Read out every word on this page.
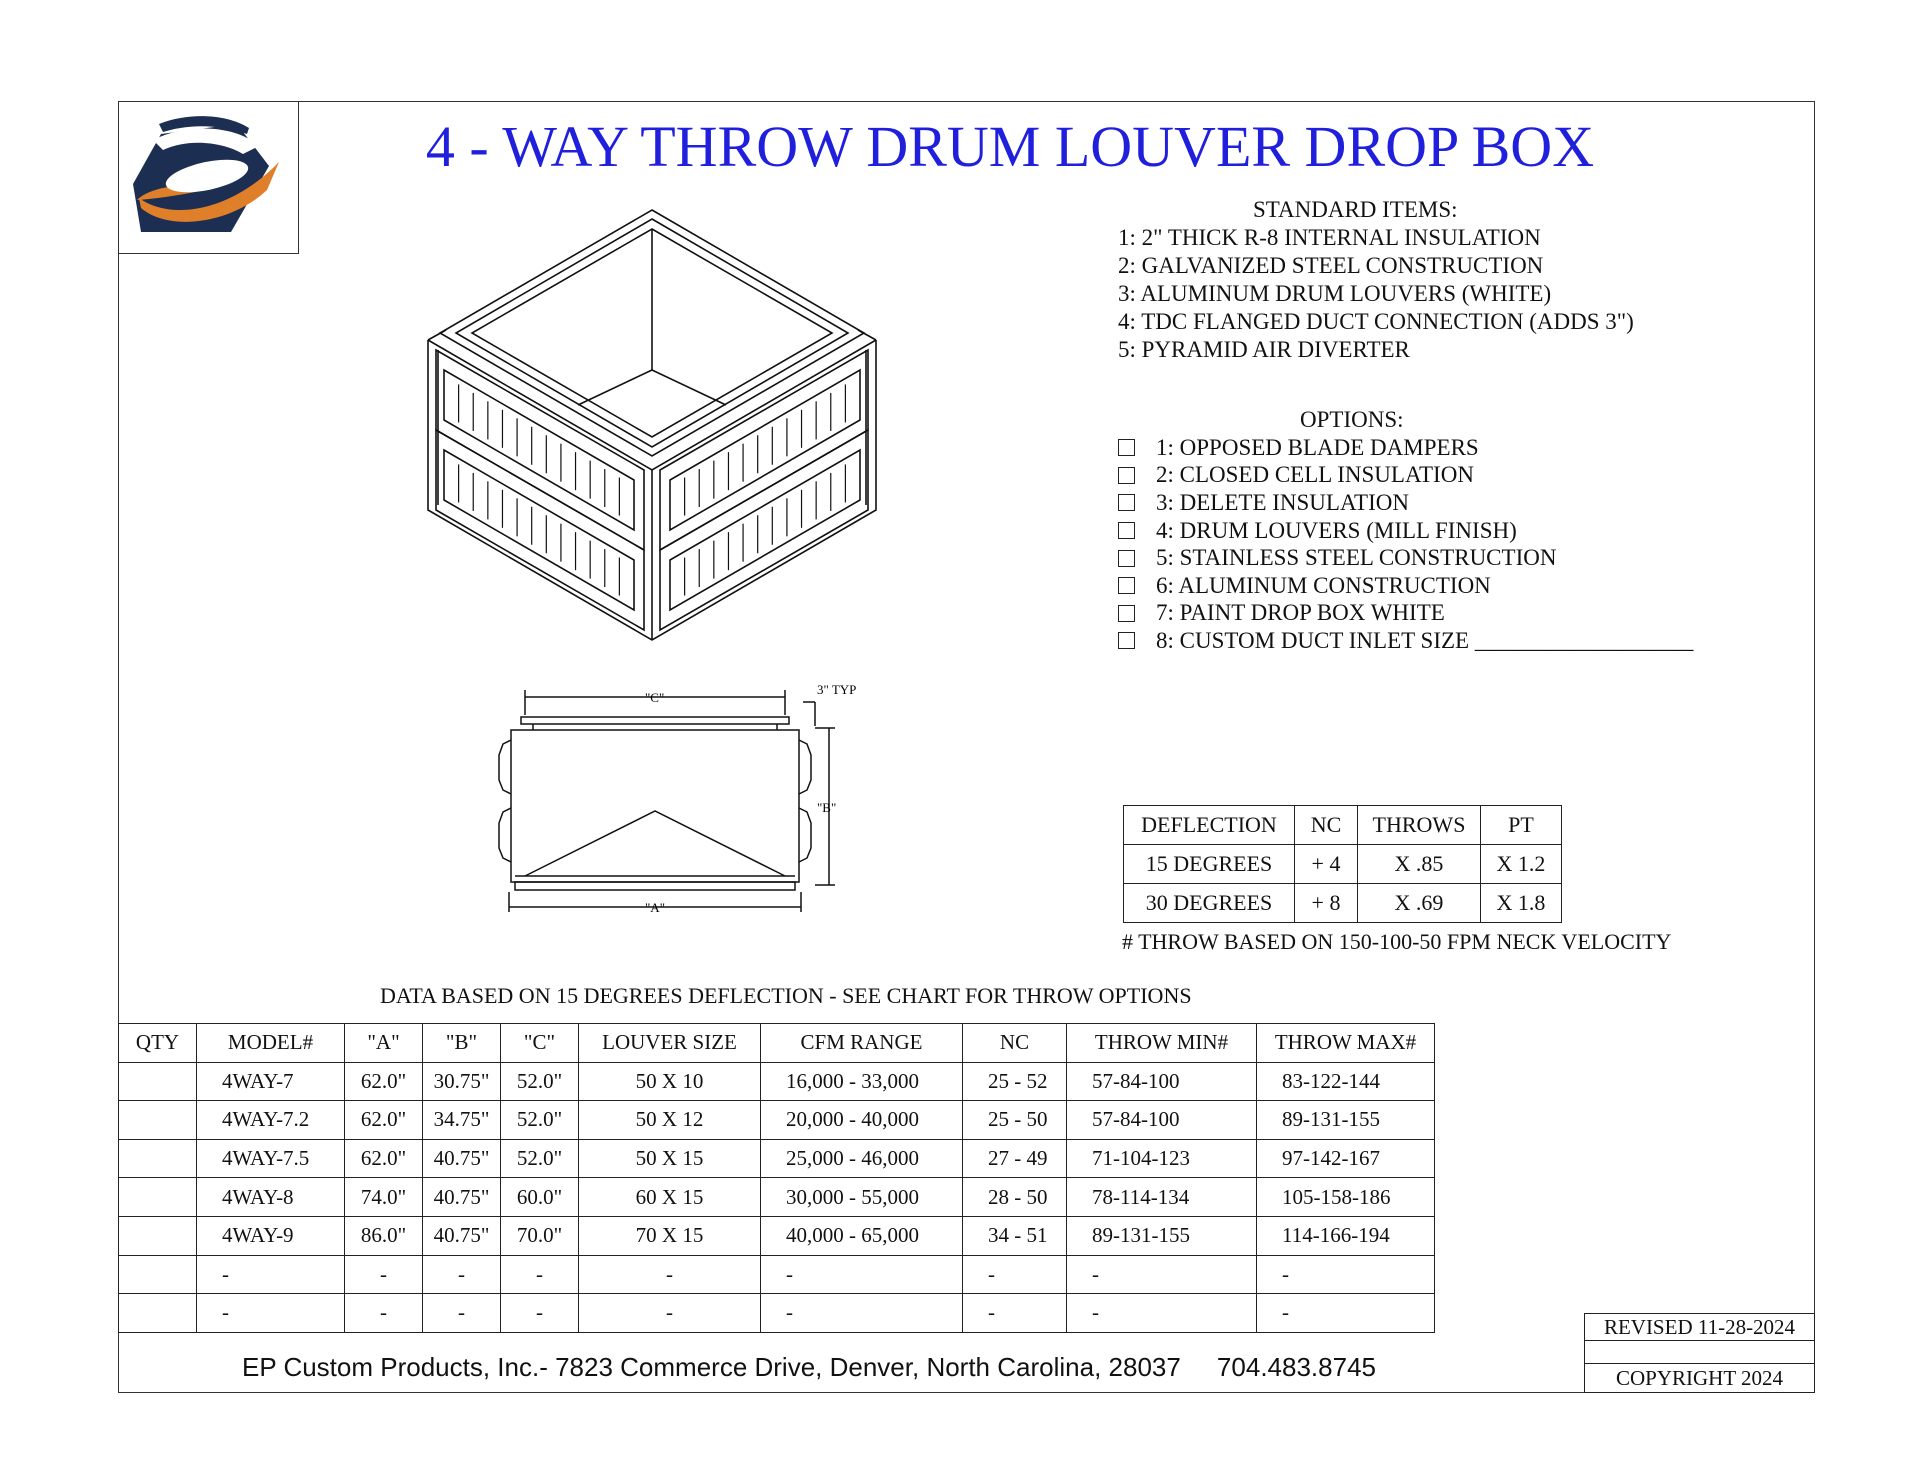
4 - WAY THROW DRUM LOUVER DROP BOX
STANDARD ITEMS:
1: 2" THICK R-8 INTERNAL INSULATION
2: GALVANIZED STEEL CONSTRUCTION
3: ALUMINUM DRUM LOUVERS (WHITE)
4: TDC FLANGED DUCT CONNECTION (ADDS 3")
5: PYRAMID AIR DIVERTER
OPTIONS:
1: OPPOSED BLADE DAMPERS
2: CLOSED CELL INSULATION
3: DELETE INSULATION
4: DRUM LOUVERS (MILL FINISH)
5: STAINLESS STEEL CONSTRUCTION
6: ALUMINUM CONSTRUCTION
7: PAINT DROP BOX WHITE
8: CUSTOM DUCT INLET SIZE ___________________
"C"
3" TYP
"B"
"A"
DEFLECTION	NC	THROWS	PT
15 DEGREES	+ 4	X .85	X 1.2
30 DEGREES	+ 8	X .69	X 1.8
# THROW BASED ON 150-100-50 FPM NECK VELOCITY
DATA BASED ON 15 DEGREES DEFLECTION - SEE CHART FOR THROW OPTIONS
QTY	MODEL#	"A"	"B"	"C"	LOUVER SIZE	CFM RANGE	NC	THROW MIN#	THROW MAX#
	4WAY-7	62.0"	30.75"	52.0"	50 X 10	16,000 - 33,000	25 - 52	57-84-100	83-122-144
	4WAY-7.2	62.0"	34.75"	52.0"	50 X 12	20,000 - 40,000	25 - 50	57-84-100	89-131-155
	4WAY-7.5	62.0"	40.75"	52.0"	50 X 15	25,000 - 46,000	27 - 49	71-104-123	97-142-167
	4WAY-8	74.0"	40.75"	60.0"	60 X 15	30,000 - 55,000	28 - 50	78-114-134	105-158-186
	4WAY-9	86.0"	40.75"	70.0"	70 X 15	40,000 - 65,000	34 - 51	89-131-155	114-166-194
	-	-	-	-	-	-	-	-	-
	-	-	-	-	-	-	-	-	-
EP Custom Products, Inc.- 7823 Commerce Drive, Denver, North Carolina, 28037     704.483.8745
REVISED 11-28-2024

COPYRIGHT 2024
